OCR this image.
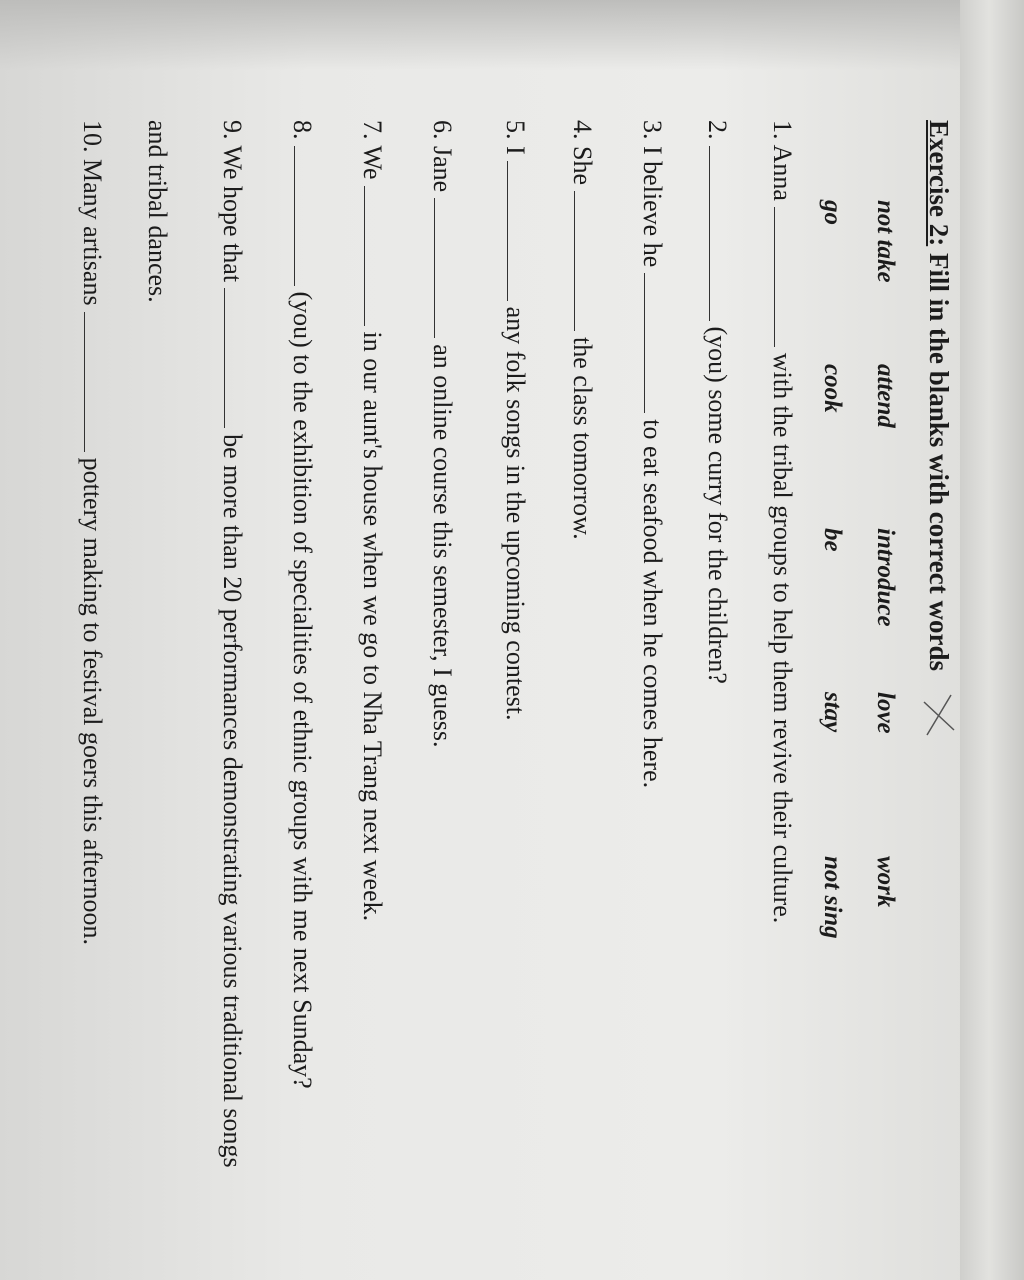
Exercise 2: Fill in the blanks with correct words
not take
attend
introduce
love
work
go
cook
be
stay
not sing
1. Annawith the tribal groups to help them revive their culture.
2.(you) some curry for the children?
3. I believe heto eat seafood when he comes here.
4. Shethe class tomorrow.
5. Iany folk songs in the upcoming contest.
6. Janean online course this semester, I guess.
7. Wein our aunt's house when we go to Nha Trang next week.
8.(you) to the exhibition of specialities of ethnic groups with me next Sunday?
9. We hope thatbe more than 20 performances demonstrating various traditional songs
and tribal dances.
10. Many artisanspottery making to festival goers this afternoon.
